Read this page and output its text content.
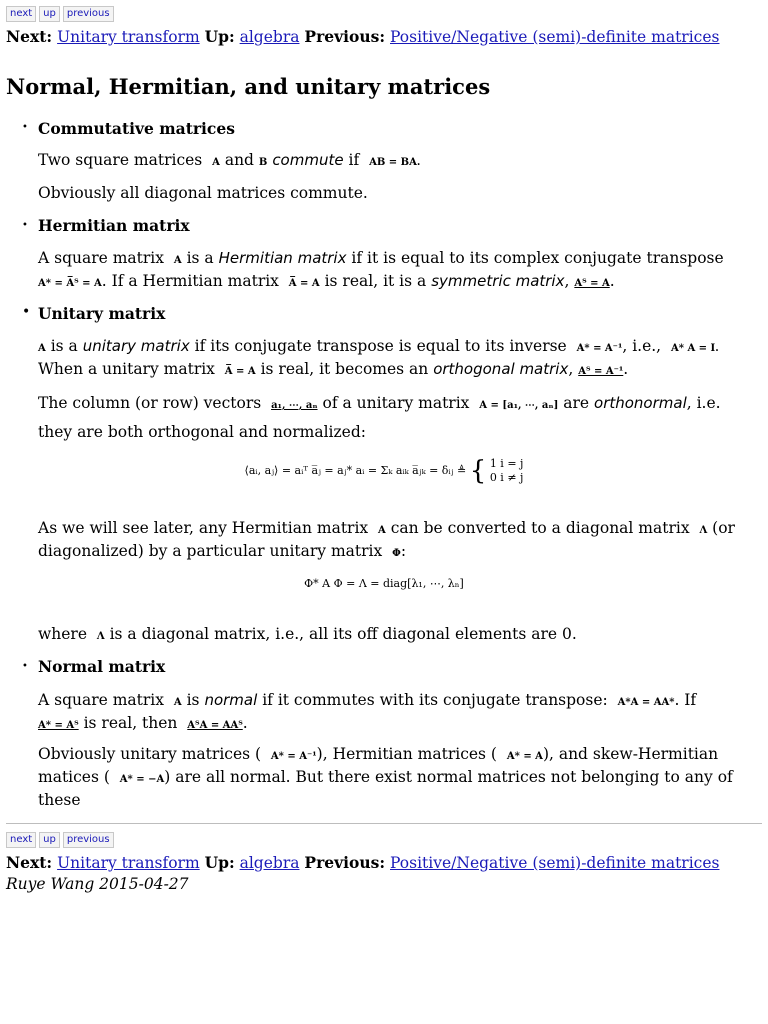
next	up	previous
Next: Unitary transform Up: algebra Previous: Positive/Negative (semi)-definite matrices
Normal, Hermitian, and unitary matrices
• Commutative matrices
Two square matrices A and B commute if AB = BA.
Obviously all diagonal matrices commute.
• Hermitian matrix
A square matrix A is a Hermitian matrix if it is equal to its complex conjugate transpose
A* = A̅ᵀ = A. If a Hermitian matrix A̅ = A is real, it is a symmetric matrix, Aᵀ = A.
• Unitary matrix
A is a unitary matrix if its conjugate transpose is equal to its inverse A* = A⁻¹, i.e., A* A = I.
When a unitary matrix A̅ = A is real, it becomes an orthogonal matrix, Aᵀ = A⁻¹.
The column (or row) vectors a₁, ⋯, aₙ of a unitary matrix A = [a₁, ⋯, aₙ] are orthonormal, i.e.
they are both orthogonal and normalized:
⟨aᵢ, aⱼ⟩ = aᵢᵀ a̅ⱼ = aⱼ* aᵢ = Σₖ aᵢₖ a̅ⱼₖ = δᵢⱼ ≜ { 1 i = j
0 i ≠ j
As we will see later, any Hermitian matrix A can be converted to a diagonal matrix Λ (or
diagonalized) by a particular unitary matrix Φ:
Φ* A Φ = Λ = diag[λ₁, ⋯, λₙ]
where Λ is a diagonal matrix, i.e., all its off diagonal elements are 0.
• Normal matrix
A square matrix A is normal if it commutes with its conjugate transpose: A*A = AA*. If
A* = Aᵀ is real, then AᵀA = AAᵀ.
Obviously unitary matrices ( A* = A⁻¹), Hermitian matrices ( A* = A), and skew-Hermitian
matices ( A* = −A) are all normal. But there exist normal matrices not belonging to any of
these
next	up	previous
Next: Unitary transform Up: algebra Previous: Positive/Negative (semi)-definite matrices
Ruye Wang 2015-04-27
